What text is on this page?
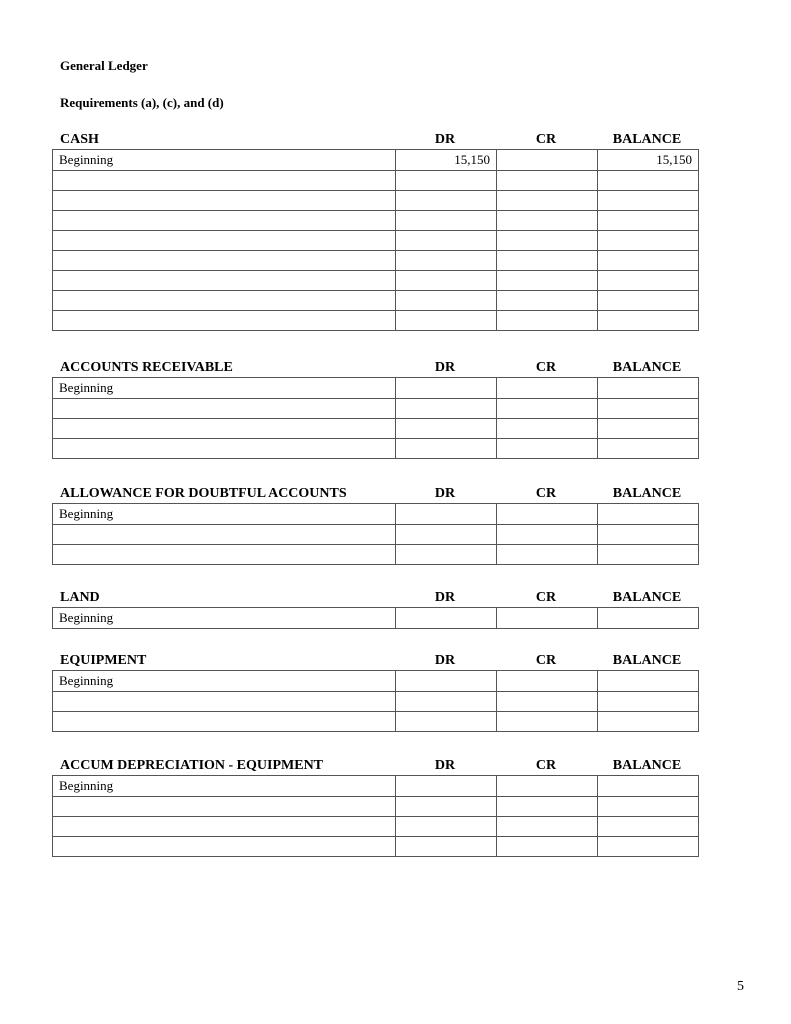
General Ledger
Requirements (a), (c), and (d)
CASH	DR	CR	BALANCE
Beginning	15,150		15,150

ACCOUNTS RECEIVABLE	DR	CR	BALANCE
Beginning			

ALLOWANCE FOR DOUBTFUL ACCOUNTS	DR	CR	BALANCE
Beginning			

LAND	DR	CR	BALANCE
Beginning			
EQUIPMENT	DR	CR	BALANCE
Beginning			

ACCUM DEPRECIATION - EQUIPMENT	DR	CR	BALANCE
Beginning			

5
